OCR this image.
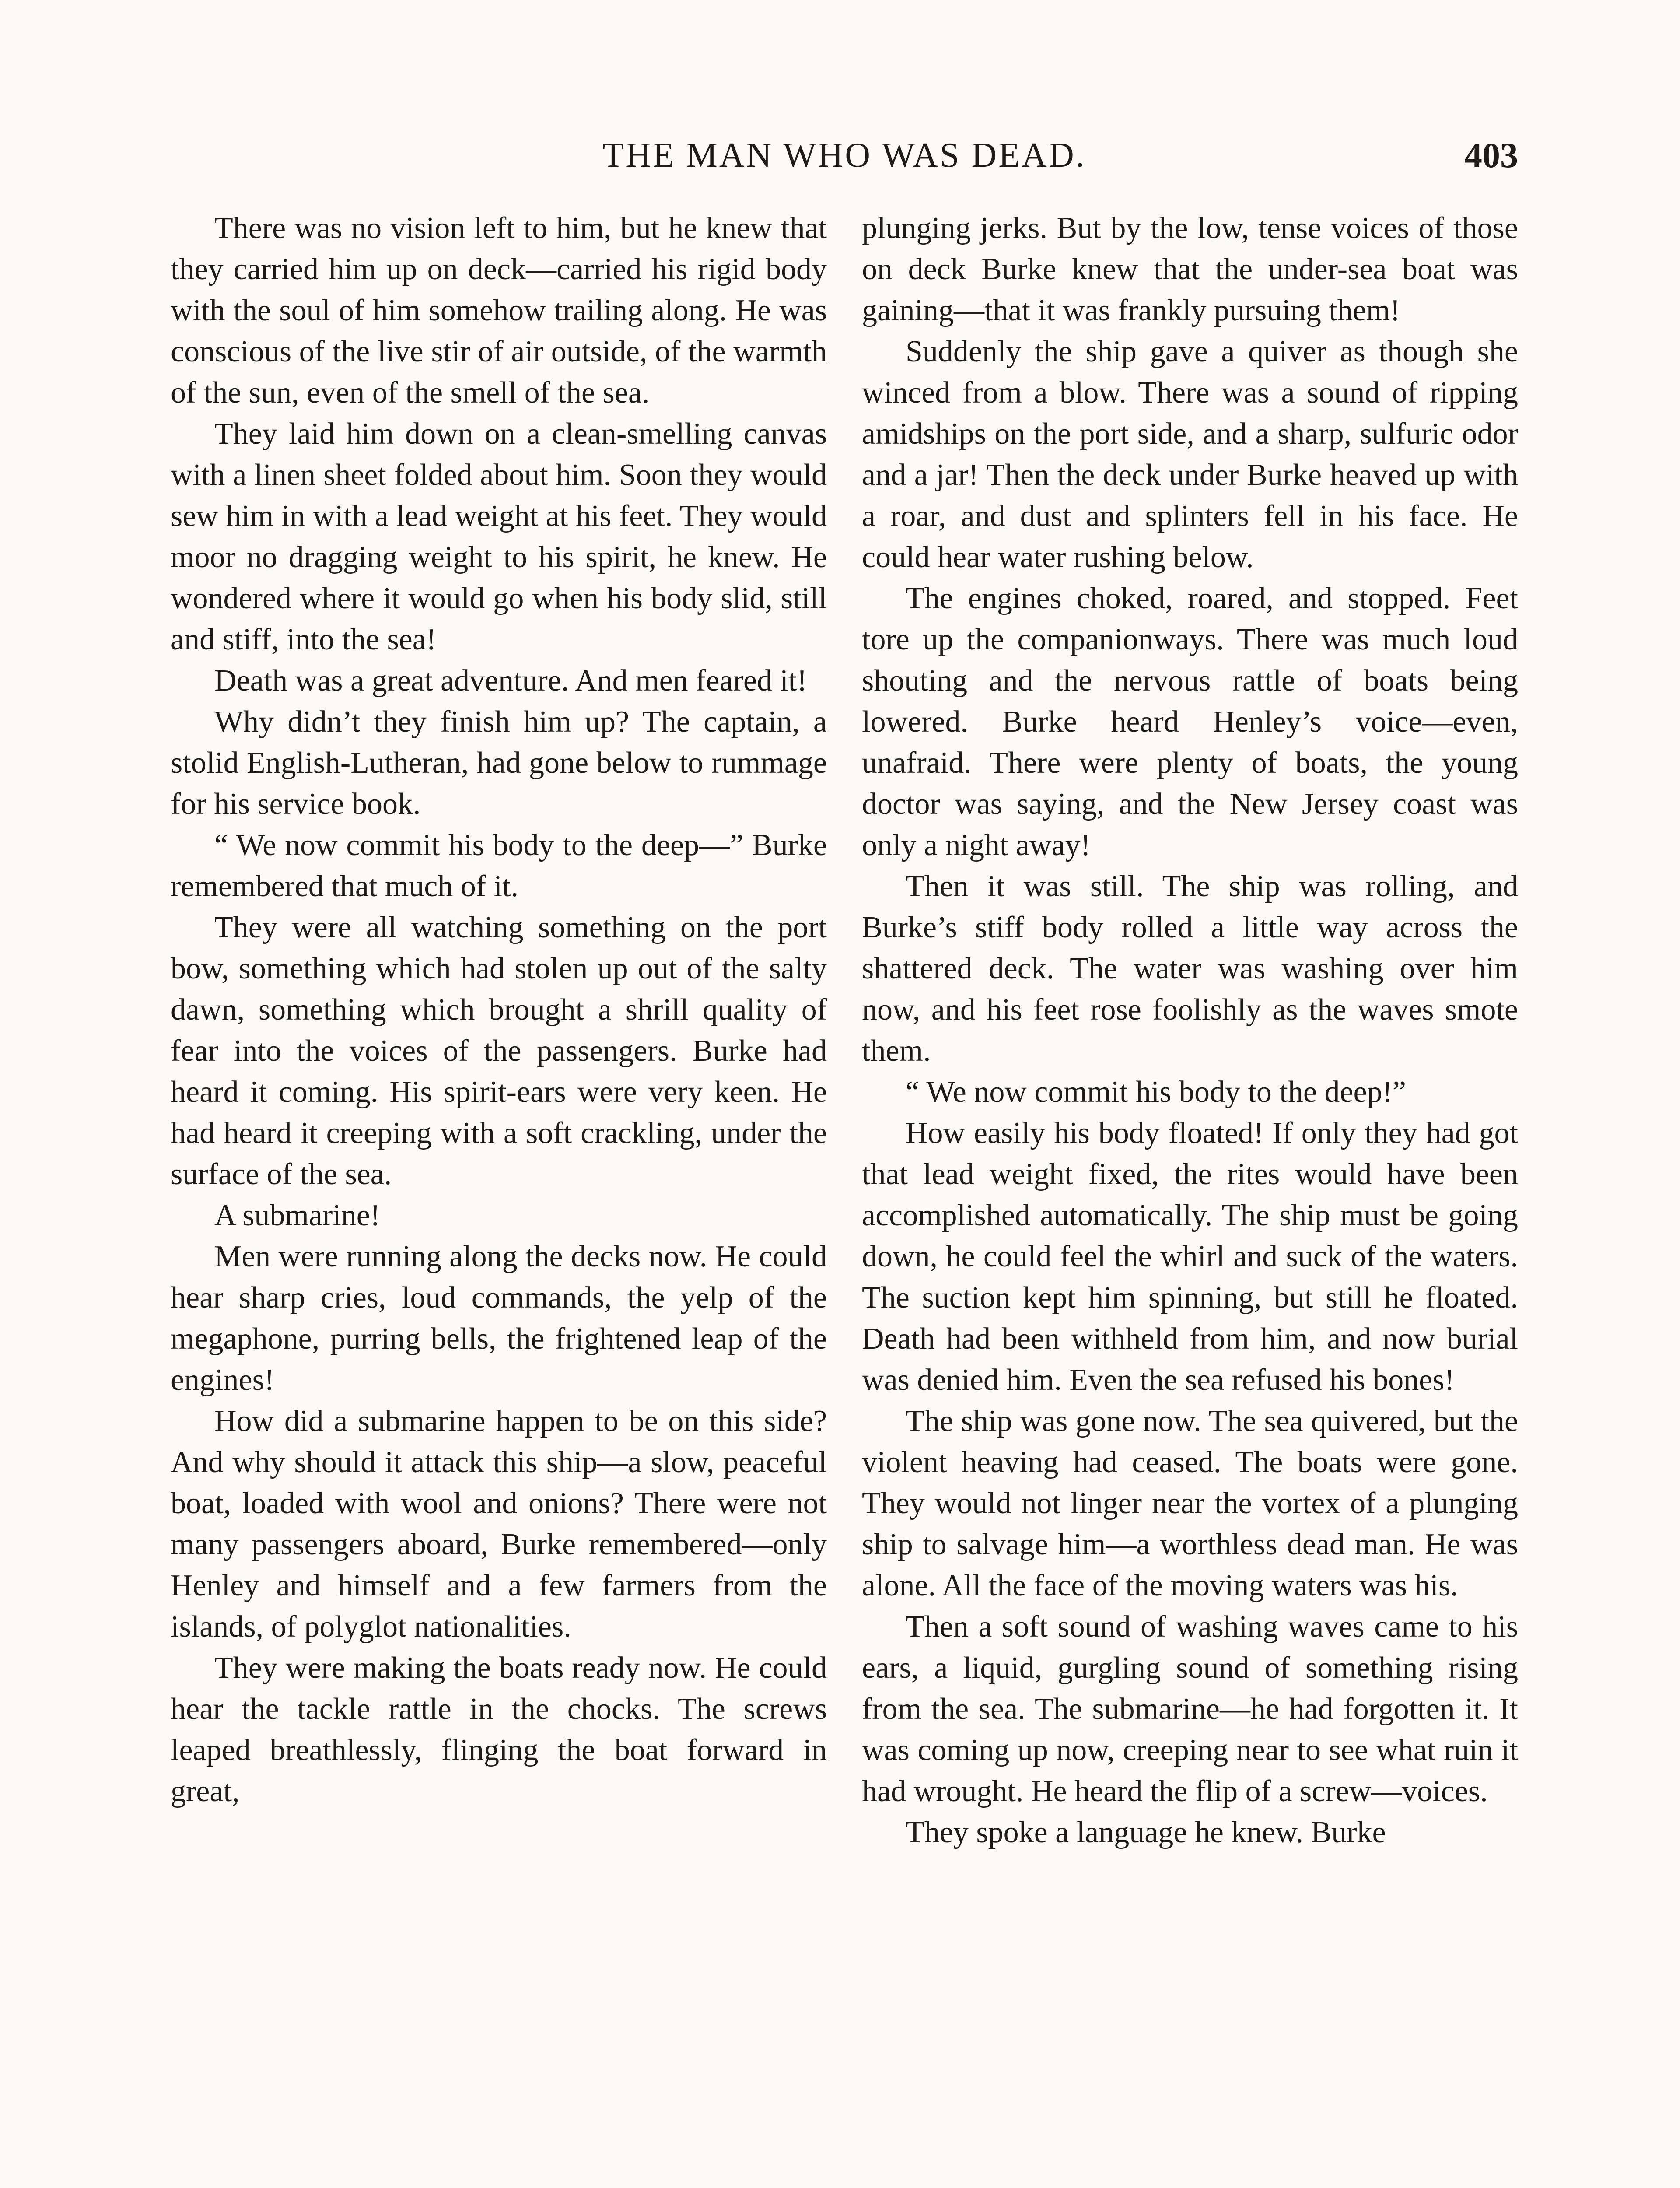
THE MAN WHO WAS DEAD.	403

There was no vision left to him, but he knew that they carried him up on deck—carried his rigid body with the soul of him somehow trailing along. He was conscious of the live stir of air outside, of the warmth of the sun, even of the smell of the sea.

They laid him down on a clean-smelling canvas with a linen sheet folded about him. Soon they would sew him in with a lead weight at his feet. They would moor no dragging weight to his spirit, he knew. He wondered where it would go when his body slid, still and stiff, into the sea!

Death was a great adventure. And men feared it!

Why didn’t they finish him up? The captain, a stolid English-Lutheran, had gone below to rummage for his service book.

“ We now commit his body to the deep—” Burke remembered that much of it.

They were all watching something on the port bow, something which had stolen up out of the salty dawn, something which brought a shrill quality of fear into the voices of the passengers. Burke had heard it coming. His spirit-ears were very keen. He had heard it creeping with a soft crackling, under the surface of the sea.

A submarine!

Men were running along the decks now. He could hear sharp cries, loud commands, the yelp of the megaphone, purring bells, the frightened leap of the engines!

How did a submarine happen to be on this side? And why should it attack this ship—a slow, peaceful boat, loaded with wool and onions? There were not many passengers aboard, Burke remembered—only Henley and himself and a few farmers from the islands, of polyglot nationalities.

They were making the boats ready now. He could hear the tackle rattle in the chocks. The screws leaped breathlessly, flinging the boat forward in great,

plunging jerks. But by the low, tense voices of those on deck Burke knew that the under-sea boat was gaining—that it was frankly pursuing them!

Suddenly the ship gave a quiver as though she winced from a blow. There was a sound of ripping amidships on the port side, and a sharp, sulfuric odor and a jar! Then the deck under Burke heaved up with a roar, and dust and splinters fell in his face. He could hear water rushing below.

The engines choked, roared, and stopped. Feet tore up the companionways. There was much loud shouting and the nervous rattle of boats being lowered. Burke heard Henley’s voice—even, unafraid. There were plenty of boats, the young doctor was saying, and the New Jersey coast was only a night away!

Then it was still. The ship was rolling, and Burke’s stiff body rolled a little way across the shattered deck. The water was washing over him now, and his feet rose foolishly as the waves smote them.

“ We now commit his body to the deep!”

How easily his body floated! If only they had got that lead weight fixed, the rites would have been accomplished automatically. The ship must be going down, he could feel the whirl and suck of the waters. The suction kept him spinning, but still he floated. Death had been withheld from him, and now burial was denied him. Even the sea refused his bones!

The ship was gone now. The sea quivered, but the violent heaving had ceased. The boats were gone. They would not linger near the vortex of a plunging ship to salvage him—a worthless dead man. He was alone. All the face of the moving waters was his.

Then a soft sound of washing waves came to his ears, a liquid, gurgling sound of something rising from the sea. The submarine—he had forgotten it. It was coming up now, creeping near to see what ruin it had wrought. He heard the flip of a screw—voices.

They spoke a language he knew. Burke
